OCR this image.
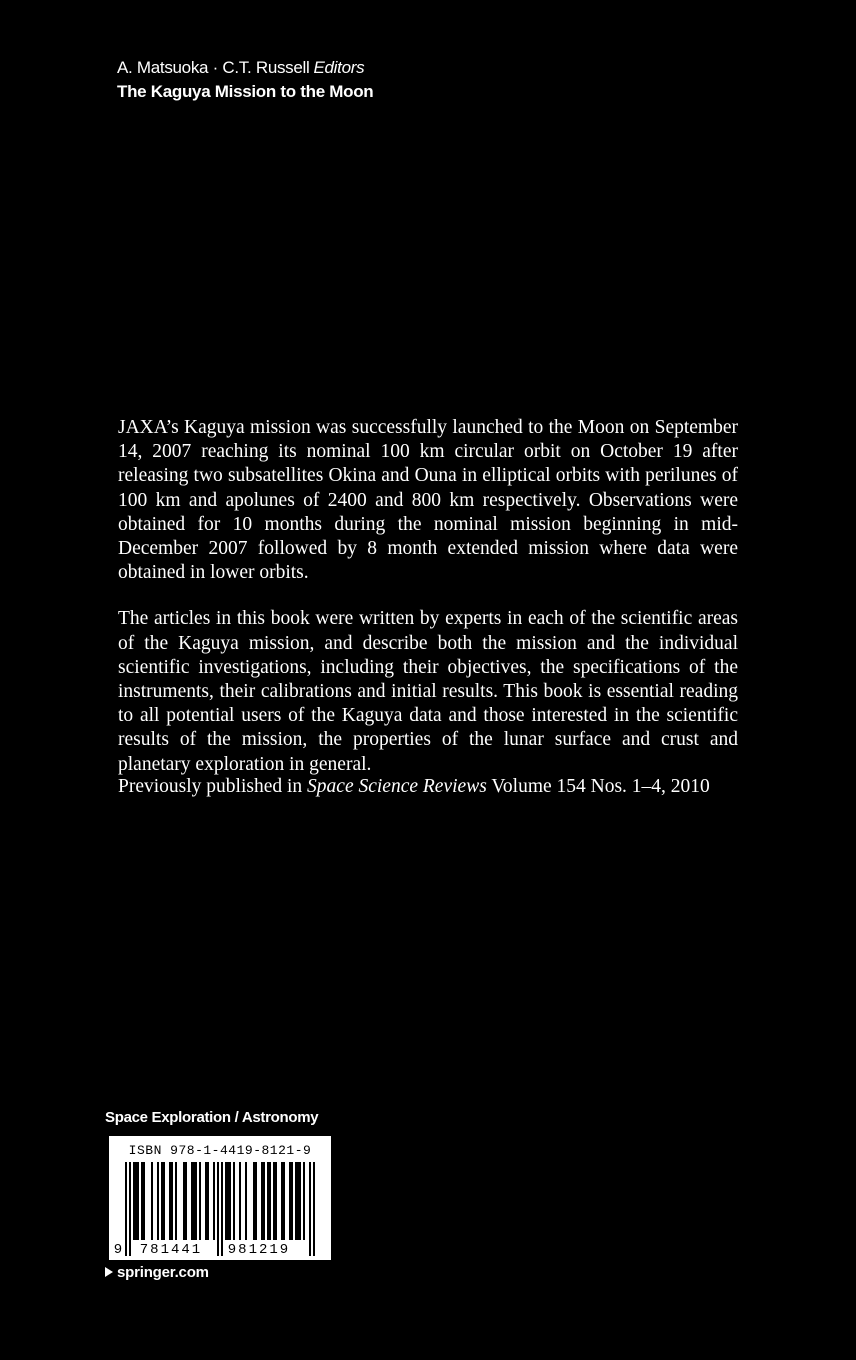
A. Matsuoka · C.T. Russell Editors
The Kaguya Mission to the Moon

JAXA’s Kaguya mission was successfully launched to the Moon on September 14, 2007 reaching its nominal 100 km circular orbit on October 19 after releasing two subsatellites Okina and Ouna in elliptical orbits with perilunes of 100 km and apolunes of 2400 and 800 km respectively. Observations were obtained for 10 months during the nominal mission beginning in mid-December 2007 followed by 8 month extended mission where data were obtained in lower orbits.

The articles in this book were written by experts in each of the scientific areas of the Kaguya mission, and describe both the mission and the individual scientific investigations, including their objectives, the specifications of the instruments, their calibrations and initial results. This book is essential reading to all potential users of the Kaguya data and those interested in the scientific results of the mission, the properties of the lunar surface and crust and planetary exploration in general.

Previously published in Space Science Reviews Volume 154 Nos. 1–4, 2010
Space Exploration / Astronomy
ISBN 978-1-4419-8121-9
9 781441 981219
springer.com
